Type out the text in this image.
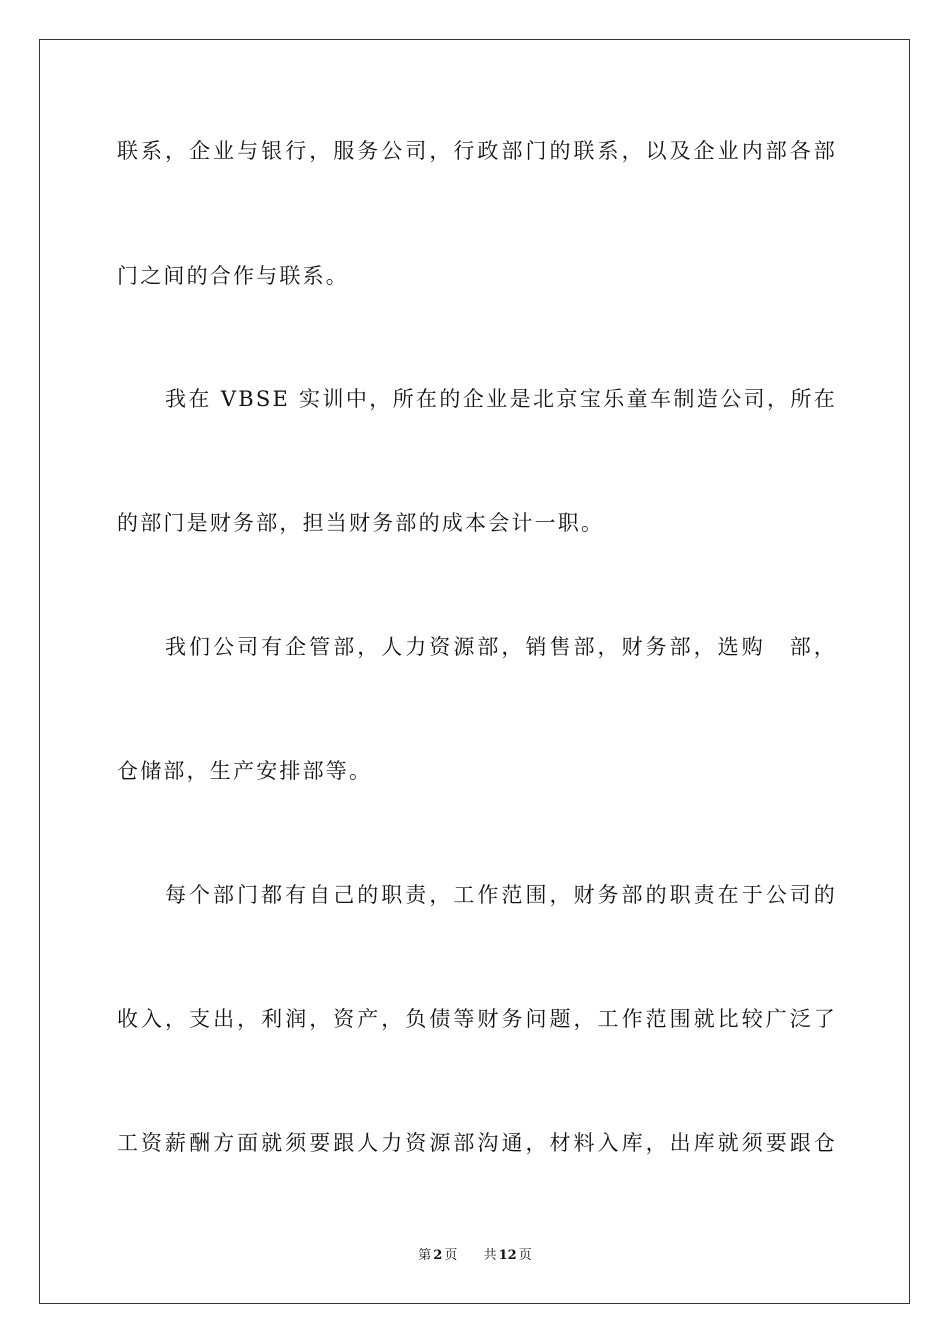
联系，企业与银行，服务公司，行政部门的联系，以及企业内部各部
门之间的合作与联系。
我在 VBSE 实训中，所在的企业是北京宝乐童车制造公司，所在
的部门是财务部，担当财务部的成本会计一职。
我们公司有企管部，人力资源部，销售部，财务部，选购　部，
仓储部，生产安排部等。
每个部门都有自己的职责，工作范围，财务部的职责在于公司的
收入，支出，利润，资产，负债等财务问题，工作范围就比较广泛了
工资薪酬方面就须要跟人力资源部沟通，材料入库，出库就须要跟仓
第 2 页 共 12 页
